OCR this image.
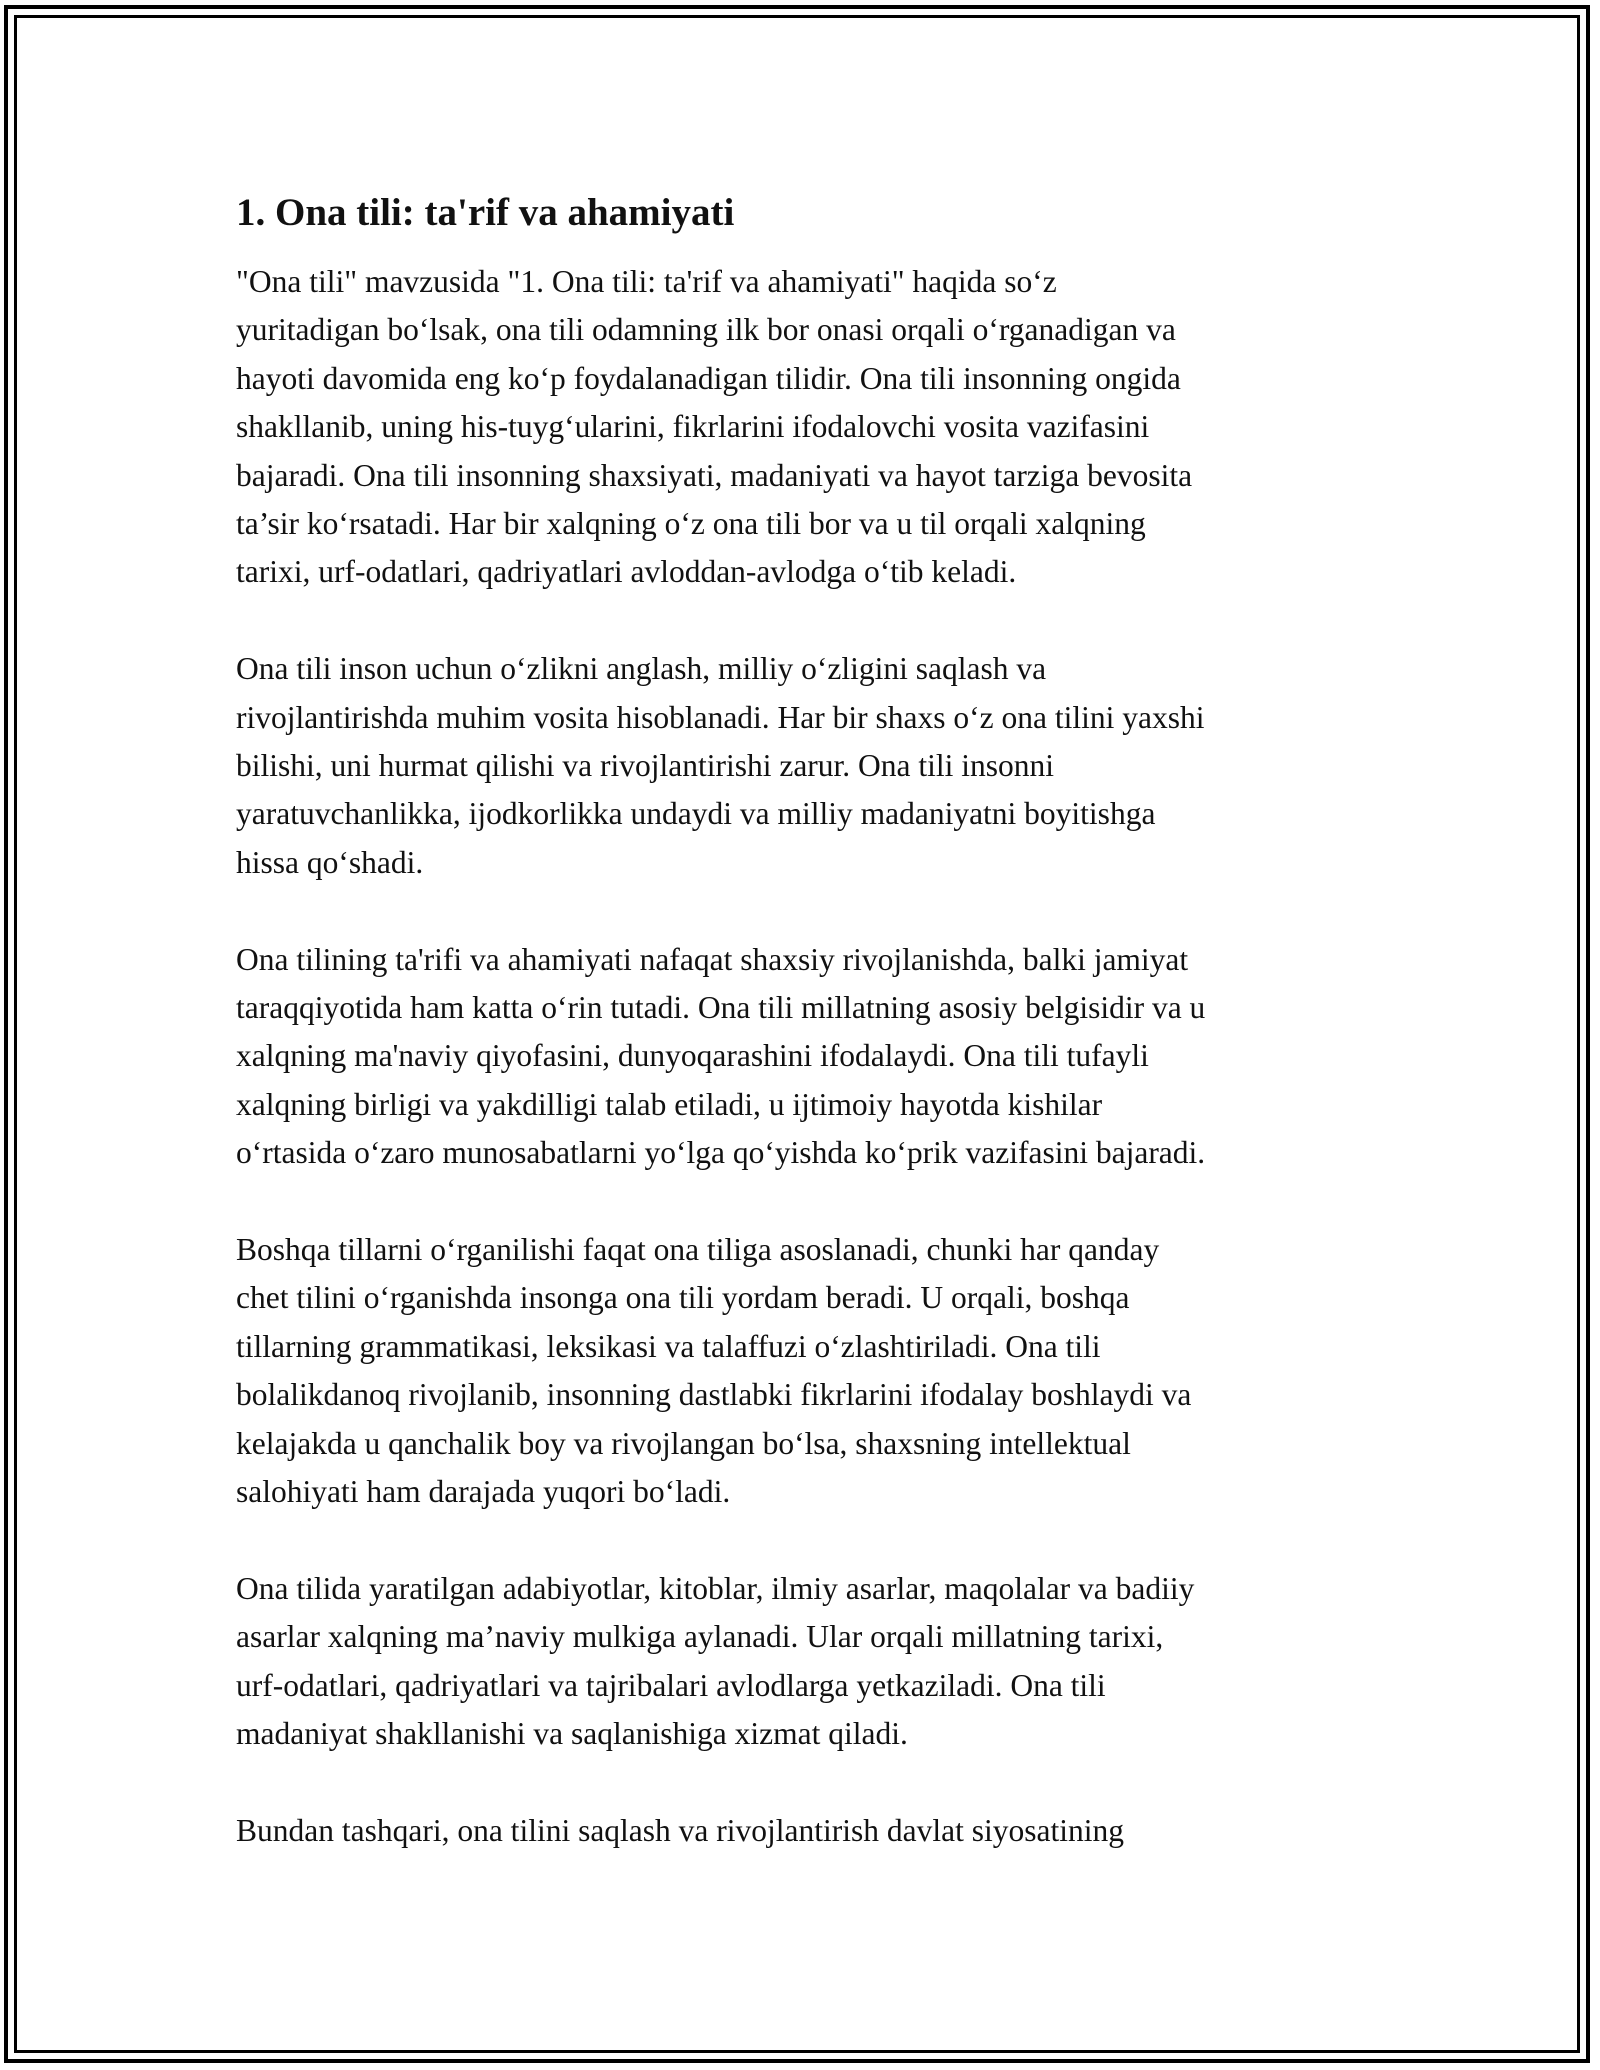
1. Ona tili: ta'rif va ahamiyati
"Ona tili" mavzusida "1. Ona tili: ta'rif va ahamiyati" haqida so‘z
yuritadigan bo‘lsak, ona tili odamning ilk bor onasi orqali o‘rganadigan va
hayoti davomida eng ko‘p foydalanadigan tilidir. Ona tili insonning ongida
shakllanib, uning his-tuyg‘ularini, fikrlarini ifodalovchi vosita vazifasini
bajaradi. Ona tili insonning shaxsiyati, madaniyati va hayot tarziga bevosita
ta’sir ko‘rsatadi. Har bir xalqning o‘z ona tili bor va u til orqali xalqning
tarixi, urf-odatlari, qadriyatlari avloddan-avlodga o‘tib keladi.
Ona tili inson uchun o‘zlikni anglash, milliy o‘zligini saqlash va
rivojlantirishda muhim vosita hisoblanadi. Har bir shaxs o‘z ona tilini yaxshi
bilishi, uni hurmat qilishi va rivojlantirishi zarur. Ona tili insonni
yaratuvchanlikka, ijodkorlikka undaydi va milliy madaniyatni boyitishga
hissa qo‘shadi.
Ona tilining ta'rifi va ahamiyati nafaqat shaxsiy rivojlanishda, balki jamiyat
taraqqiyotida ham katta o‘rin tutadi. Ona tili millatning asosiy belgisidir va u
xalqning ma'naviy qiyofasini, dunyoqarashini ifodalaydi. Ona tili tufayli
xalqning birligi va yakdilligi talab etiladi, u ijtimoiy hayotda kishilar
o‘rtasida o‘zaro munosabatlarni yo‘lga qo‘yishda ko‘prik vazifasini bajaradi.
Boshqa tillarni o‘rganilishi faqat ona tiliga asoslanadi, chunki har qanday
chet tilini o‘rganishda insonga ona tili yordam beradi. U orqali, boshqa
tillarning grammatikasi, leksikasi va talaffuzi o‘zlashtiriladi. Ona tili
bolalikdanoq rivojlanib, insonning dastlabki fikrlarini ifodalay boshlaydi va
kelajakda u qanchalik boy va rivojlangan bo‘lsa, shaxsning intellektual
salohiyati ham darajada yuqori bo‘ladi.
Ona tilida yaratilgan adabiyotlar, kitoblar, ilmiy asarlar, maqolalar va badiiy
asarlar xalqning ma’naviy mulkiga aylanadi. Ular orqali millatning tarixi,
urf-odatlari, qadriyatlari va tajribalari avlodlarga yetkaziladi. Ona tili
madaniyat shakllanishi va saqlanishiga xizmat qiladi.
Bundan tashqari, ona tilini saqlash va rivojlantirish davlat siyosatining
